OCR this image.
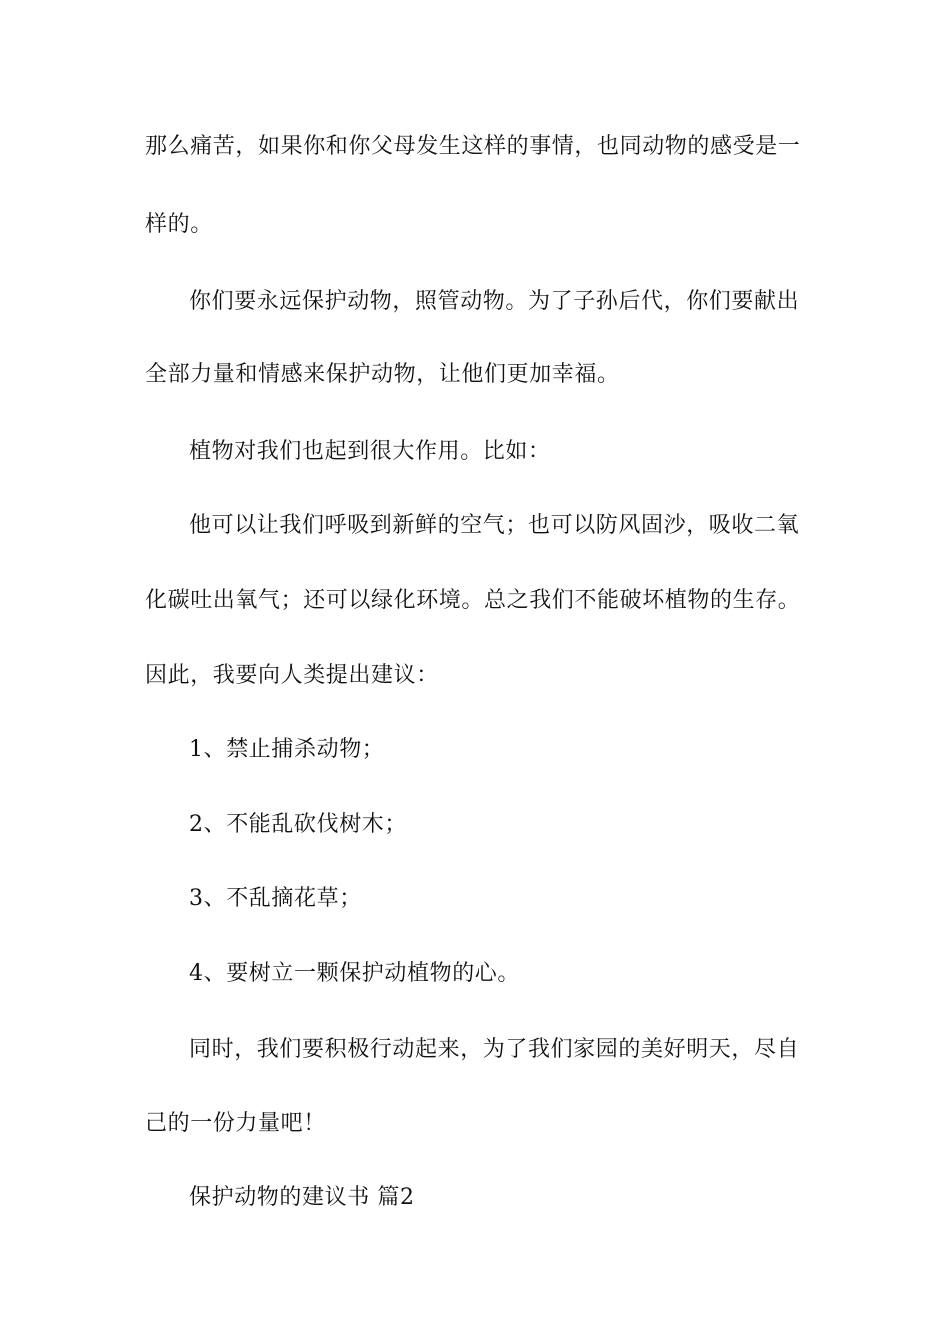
那么痛苦，如果你和你父母发生这样的事情，也同动物的感受是一
样的。
你们要永远保护动物，照管动物。为了子孙后代，你们要献出
全部力量和情感来保护动物，让他们更加幸福。
植物对我们也起到很大作用。比如：
他可以让我们呼吸到新鲜的空气；也可以防风固沙，吸收二氧
化碳吐出氧气；还可以绿化环境。总之我们不能破坏植物的生存。
因此，我要向人类提出建议：
1、禁止捕杀动物；
2、不能乱砍伐树木；
3、不乱摘花草；
4、要树立一颗保护动植物的心。
同时，我们要积极行动起来，为了我们家园的美好明天，尽自
己的一份力量吧！
保护动物的建议书 篇2
